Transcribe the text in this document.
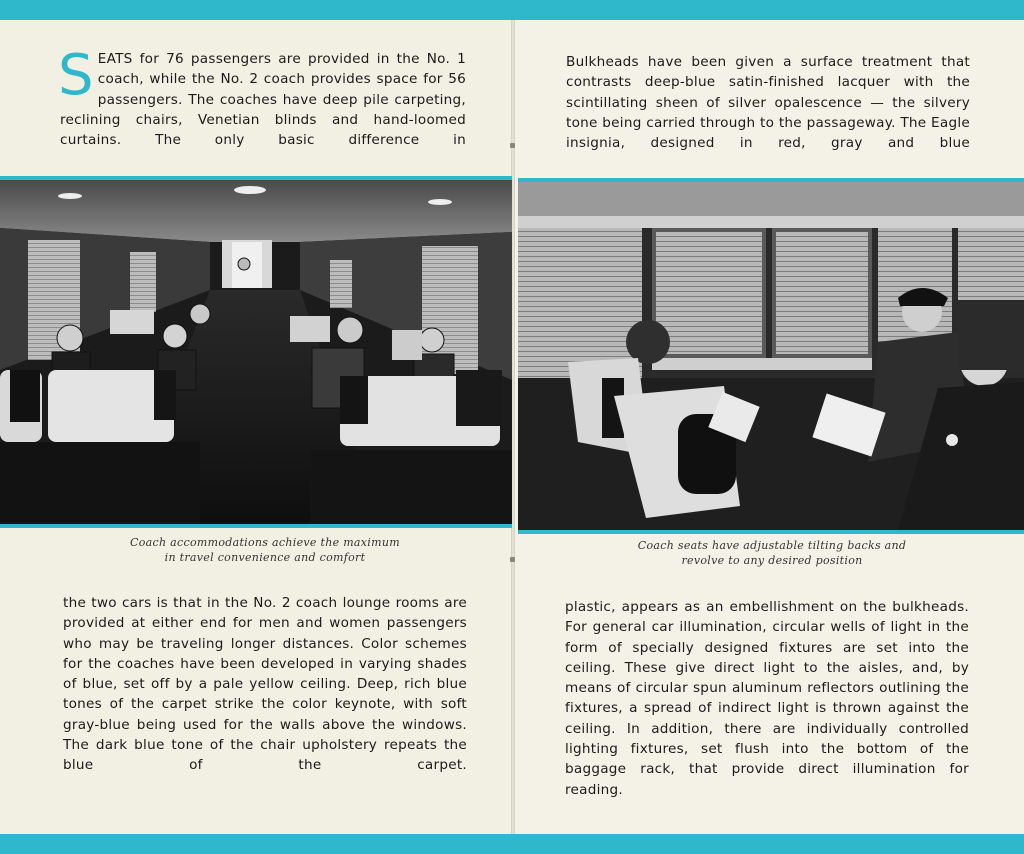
SEATS for 76 passengers are provided in the No. 1 coach, while the No. 2 coach provides space for 56 passengers. The coaches have deep pile carpeting, reclining chairs, Venetian blinds and hand-loomed curtains. The only basic difference in

Coach accommodations achieve the maximum
in travel convenience and comfort

the two cars is that in the No. 2 coach lounge rooms are provided at either end for men and women passengers who may be traveling longer distances. Color schemes for the coaches have been developed in varying shades of blue, set off by a pale yellow ceiling. Deep, rich blue tones of the carpet strike the color keynote, with soft gray-blue being used for the walls above the windows. The dark blue tone of the chair upholstery repeats the blue of the carpet.

Bulkheads have been given a surface treatment that contrasts deep-blue satin-finished lacquer with the scintillating sheen of silver opalescence — the silvery tone being carried through to the passageway. The Eagle insignia, designed in red, gray and blue

Coach seats have adjustable tilting backs and
revolve to any desired position

plastic, appears as an embellishment on the bulkheads. For general car illumination, circular wells of light in the form of specially designed fixtures are set into the ceiling. These give direct light to the aisles, and, by means of circular spun aluminum reflectors outlining the fixtures, a spread of indirect light is thrown against the ceiling. In addition, there are individually controlled lighting fixtures, set flush into the bottom of the baggage rack, that provide direct illumination for reading.
